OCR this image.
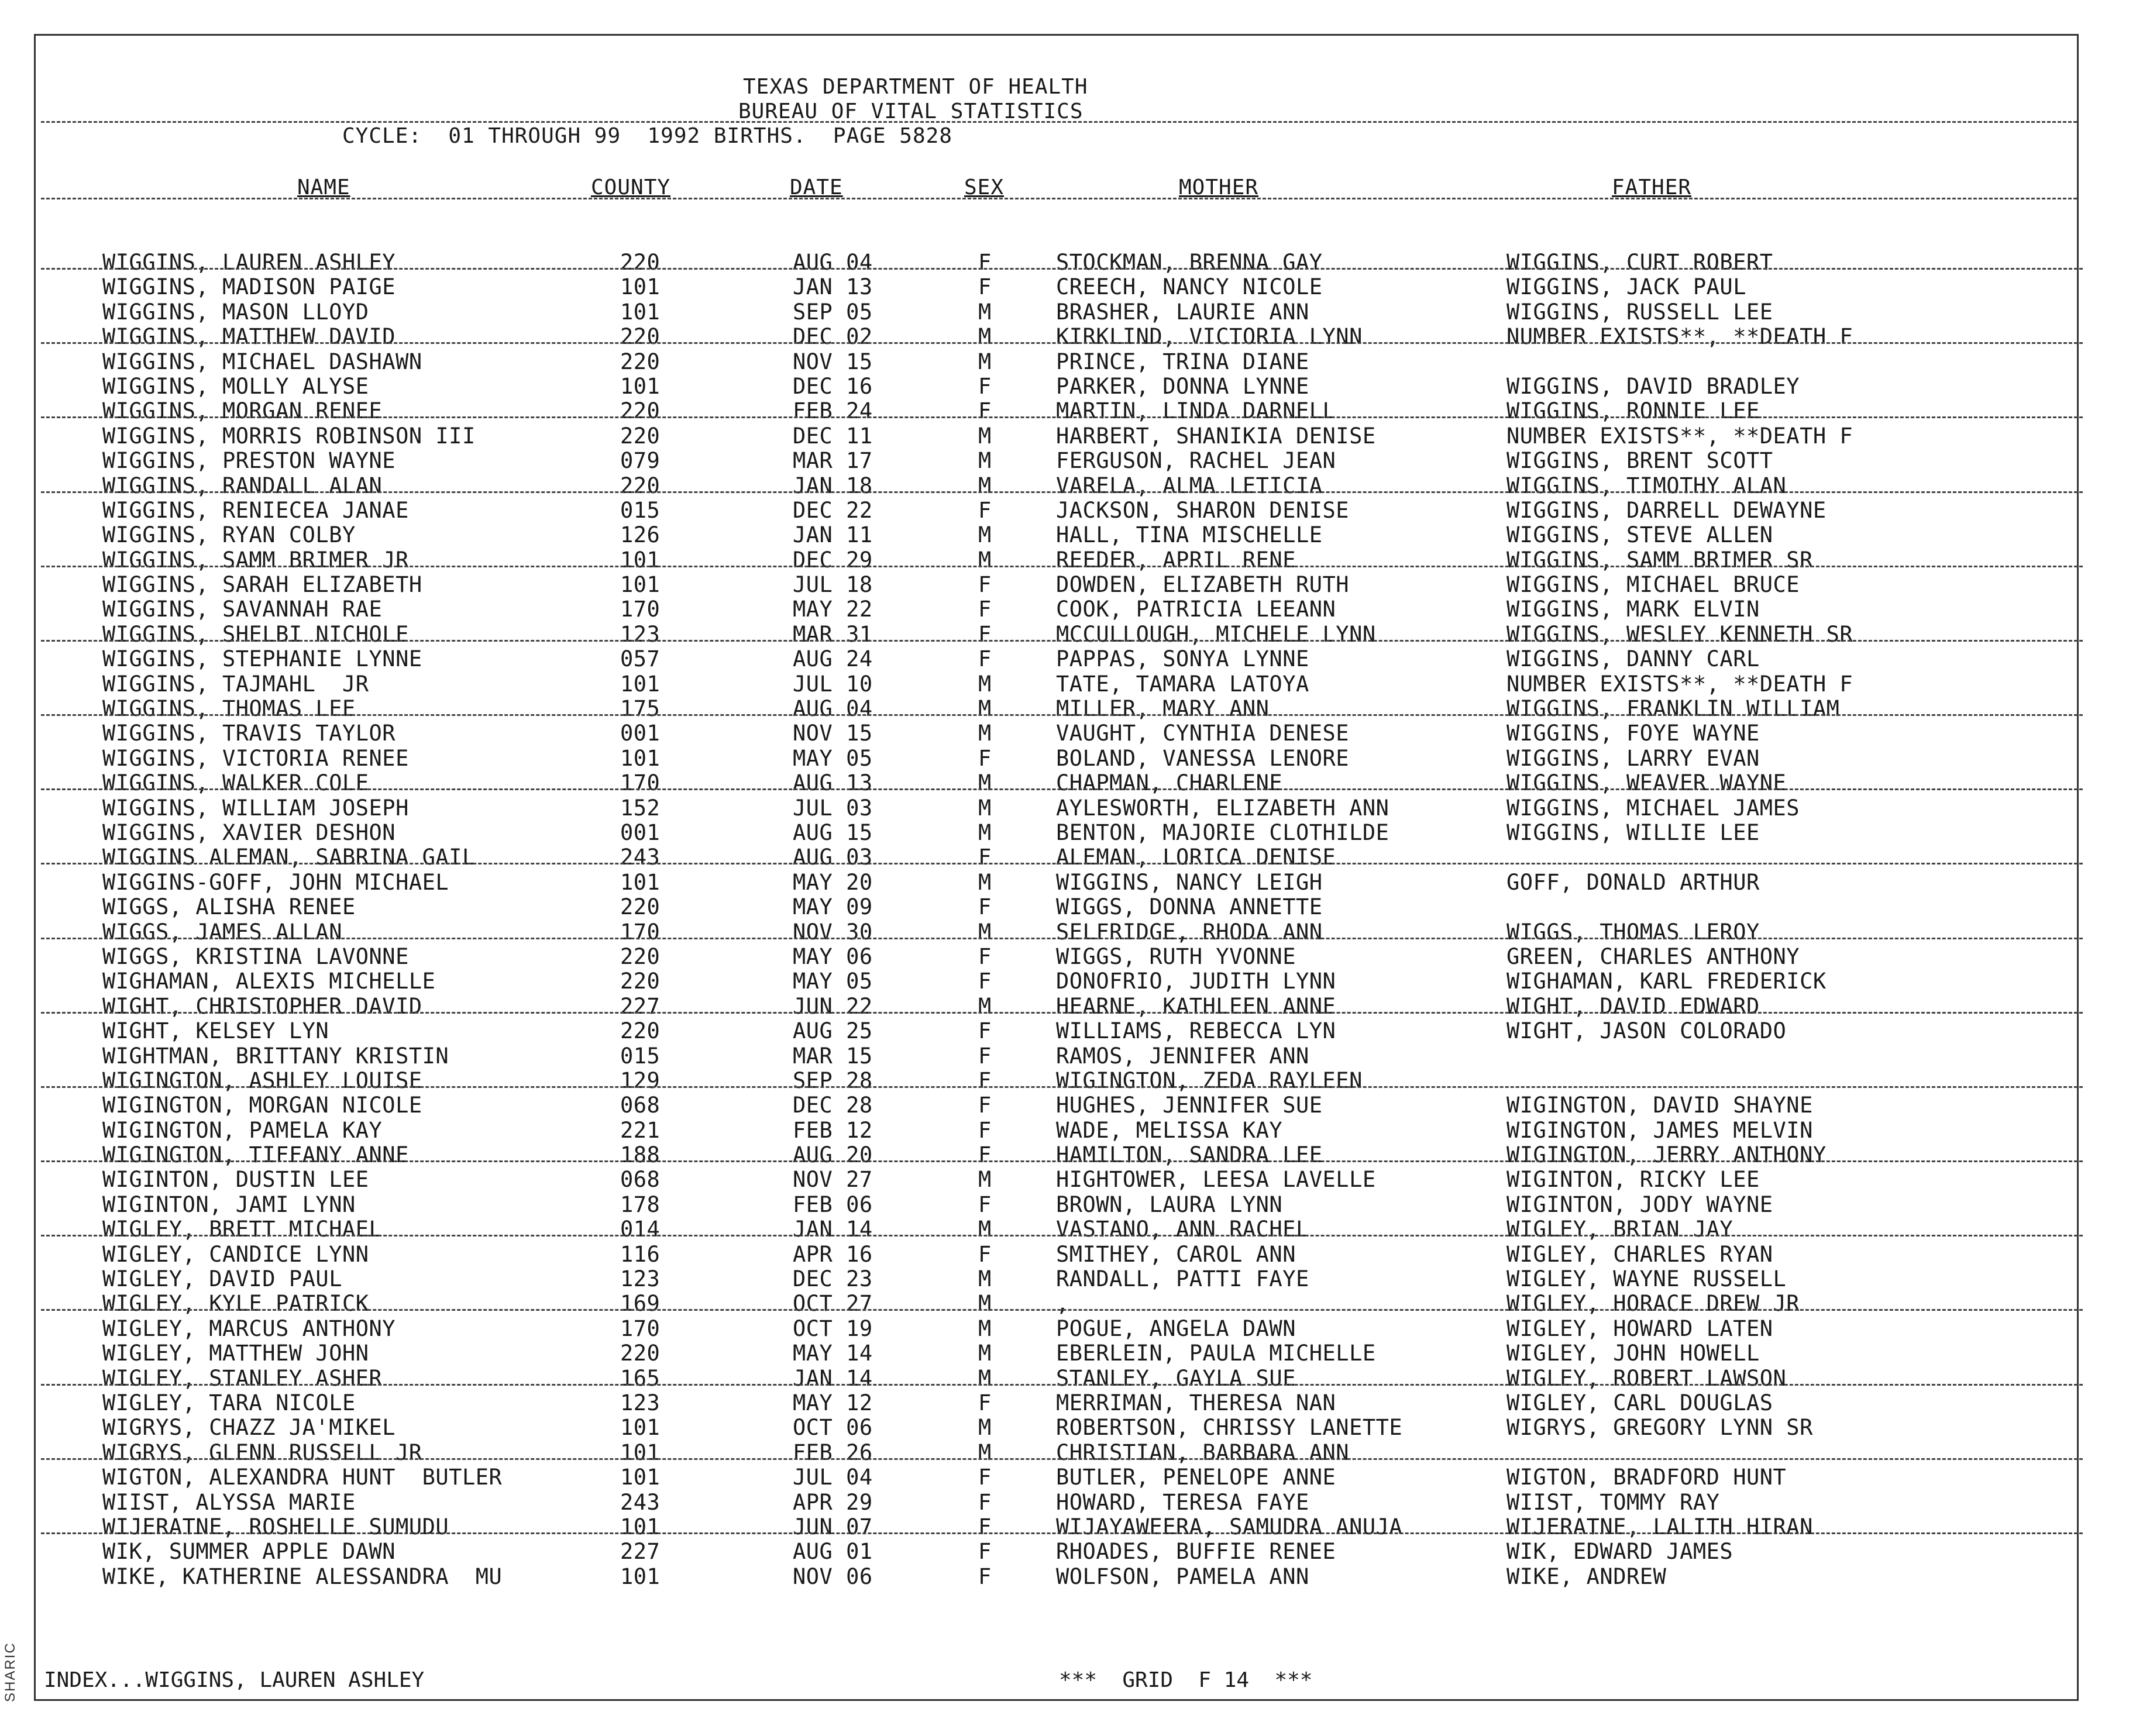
SHARIC
TEXAS DEPARTMENT OF HEALTH
BUREAU OF VITAL STATISTICS
CYCLE:  01 THROUGH 99  1992 BIRTHS.  PAGE 5828
NAME	COUNTY	DATE	SEX	MOTHER	FATHER
WIGGINS, LAUREN ASHLEY	220	AUG 04	F	STOCKMAN, BRENNA GAY	WIGGINS, CURT ROBERT
WIGGINS, MADISON PAIGE	101	JAN 13	F	CREECH, NANCY NICOLE	WIGGINS, JACK PAUL
WIGGINS, MASON LLOYD	101	SEP 05	M	BRASHER, LAURIE ANN	WIGGINS, RUSSELL LEE
WIGGINS, MATTHEW DAVID	220	DEC 02	M	KIRKLIND, VICTORIA LYNN	NUMBER EXISTS**, **DEATH F
WIGGINS, MICHAEL DASHAWN	220	NOV 15	M	PRINCE, TRINA DIANE
WIGGINS, MOLLY ALYSE	101	DEC 16	F	PARKER, DONNA LYNNE	WIGGINS, DAVID BRADLEY
WIGGINS, MORGAN RENEE	220	FEB 24	F	MARTIN, LINDA DARNELL	WIGGINS, RONNIE LEE
WIGGINS, MORRIS ROBINSON III	220	DEC 11	M	HARBERT, SHANIKIA DENISE	NUMBER EXISTS**, **DEATH F
WIGGINS, PRESTON WAYNE	079	MAR 17	M	FERGUSON, RACHEL JEAN	WIGGINS, BRENT SCOTT
WIGGINS, RANDALL ALAN	220	JAN 18	M	VARELA, ALMA LETICIA	WIGGINS, TIMOTHY ALAN
WIGGINS, RENIECEA JANAE	015	DEC 22	F	JACKSON, SHARON DENISE	WIGGINS, DARRELL DEWAYNE
WIGGINS, RYAN COLBY	126	JAN 11	M	HALL, TINA MISCHELLE	WIGGINS, STEVE ALLEN
WIGGINS, SAMM BRIMER JR	101	DEC 29	M	REEDER, APRIL RENE	WIGGINS, SAMM BRIMER SR
WIGGINS, SARAH ELIZABETH	101	JUL 18	F	DOWDEN, ELIZABETH RUTH	WIGGINS, MICHAEL BRUCE
WIGGINS, SAVANNAH RAE	170	MAY 22	F	COOK, PATRICIA LEEANN	WIGGINS, MARK ELVIN
WIGGINS, SHELBI NICHOLE	123	MAR 31	F	MCCULLOUGH, MICHELE LYNN	WIGGINS, WESLEY KENNETH SR
WIGGINS, STEPHANIE LYNNE	057	AUG 24	F	PAPPAS, SONYA LYNNE	WIGGINS, DANNY CARL
WIGGINS, TAJMAHL  JR	101	JUL 10	M	TATE, TAMARA LATOYA	NUMBER EXISTS**, **DEATH F
WIGGINS, THOMAS LEE	175	AUG 04	M	MILLER, MARY ANN	WIGGINS, FRANKLIN WILLIAM
WIGGINS, TRAVIS TAYLOR	001	NOV 15	M	VAUGHT, CYNTHIA DENESE	WIGGINS, FOYE WAYNE
WIGGINS, VICTORIA RENEE	101	MAY 05	F	BOLAND, VANESSA LENORE	WIGGINS, LARRY EVAN
WIGGINS, WALKER COLE	170	AUG 13	M	CHAPMAN, CHARLENE	WIGGINS, WEAVER WAYNE
WIGGINS, WILLIAM JOSEPH	152	JUL 03	M	AYLESWORTH, ELIZABETH ANN	WIGGINS, MICHAEL JAMES
WIGGINS, XAVIER DESHON	001	AUG 15	M	BENTON, MAJORIE CLOTHILDE	WIGGINS, WILLIE LEE
WIGGINS ALEMAN, SABRINA GAIL	243	AUG 03	F	ALEMAN, LORICA DENISE
WIGGINS-GOFF, JOHN MICHAEL	101	MAY 20	M	WIGGINS, NANCY LEIGH	GOFF, DONALD ARTHUR
WIGGS, ALISHA RENEE	220	MAY 09	F	WIGGS, DONNA ANNETTE
WIGGS, JAMES ALLAN	170	NOV 30	M	SELFRIDGE, RHODA ANN	WIGGS, THOMAS LEROY
WIGGS, KRISTINA LAVONNE	220	MAY 06	F	WIGGS, RUTH YVONNE	GREEN, CHARLES ANTHONY
WIGHAMAN, ALEXIS MICHELLE	220	MAY 05	F	DONOFRIO, JUDITH LYNN	WIGHAMAN, KARL FREDERICK
WIGHT, CHRISTOPHER DAVID	227	JUN 22	M	HEARNE, KATHLEEN ANNE	WIGHT, DAVID EDWARD
WIGHT, KELSEY LYN	220	AUG 25	F	WILLIAMS, REBECCA LYN	WIGHT, JASON COLORADO
WIGHTMAN, BRITTANY KRISTIN	015	MAR 15	F	RAMOS, JENNIFER ANN
WIGINGTON, ASHLEY LOUISE	129	SEP 28	F	WIGINGTON, ZEDA RAYLEEN
WIGINGTON, MORGAN NICOLE	068	DEC 28	F	HUGHES, JENNIFER SUE	WIGINGTON, DAVID SHAYNE
WIGINGTON, PAMELA KAY	221	FEB 12	F	WADE, MELISSA KAY	WIGINGTON, JAMES MELVIN
WIGINGTON, TIFFANY ANNE	188	AUG 20	F	HAMILTON, SANDRA LEE	WIGINGTON, JERRY ANTHONY
WIGINTON, DUSTIN LEE	068	NOV 27	M	HIGHTOWER, LEESA LAVELLE	WIGINTON, RICKY LEE
WIGINTON, JAMI LYNN	178	FEB 06	F	BROWN, LAURA LYNN	WIGINTON, JODY WAYNE
WIGLEY, BRETT MICHAEL	014	JAN 14	M	VASTANO, ANN RACHEL	WIGLEY, BRIAN JAY
WIGLEY, CANDICE LYNN	116	APR 16	F	SMITHEY, CAROL ANN	WIGLEY, CHARLES RYAN
WIGLEY, DAVID PAUL	123	DEC 23	M	RANDALL, PATTI FAYE	WIGLEY, WAYNE RUSSELL
WIGLEY, KYLE PATRICK	169	OCT 27	M	,	WIGLEY, HORACE DREW JR
WIGLEY, MARCUS ANTHONY	170	OCT 19	M	POGUE, ANGELA DAWN	WIGLEY, HOWARD LATEN
WIGLEY, MATTHEW JOHN	220	MAY 14	M	EBERLEIN, PAULA MICHELLE	WIGLEY, JOHN HOWELL
WIGLEY, STANLEY ASHER	165	JAN 14	M	STANLEY, GAYLA SUE	WIGLEY, ROBERT LAWSON
WIGLEY, TARA NICOLE	123	MAY 12	F	MERRIMAN, THERESA NAN	WIGLEY, CARL DOUGLAS
WIGRYS, CHAZZ JA'MIKEL	101	OCT 06	M	ROBERTSON, CHRISSY LANETTE	WIGRYS, GREGORY LYNN SR
WIGRYS, GLENN RUSSELL JR	101	FEB 26	M	CHRISTIAN, BARBARA ANN
WIGTON, ALEXANDRA HUNT  BUTLER	101	JUL 04	F	BUTLER, PENELOPE ANNE	WIGTON, BRADFORD HUNT
WIIST, ALYSSA MARIE	243	APR 29	F	HOWARD, TERESA FAYE	WIIST, TOMMY RAY
WIJERATNE, ROSHELLE SUMUDU	101	JUN 07	F	WIJAYAWEERA, SAMUDRA ANUJA	WIJERATNE, LALITH HIRAN
WIK, SUMMER APPLE DAWN	227	AUG 01	F	RHOADES, BUFFIE RENEE	WIK, EDWARD JAMES
WIKE, KATHERINE ALESSANDRA  MU	101	NOV 06	F	WOLFSON, PAMELA ANN	WIKE, ANDREW
INDEX...WIGGINS, LAUREN ASHLEY	***  GRID  F 14  ***
